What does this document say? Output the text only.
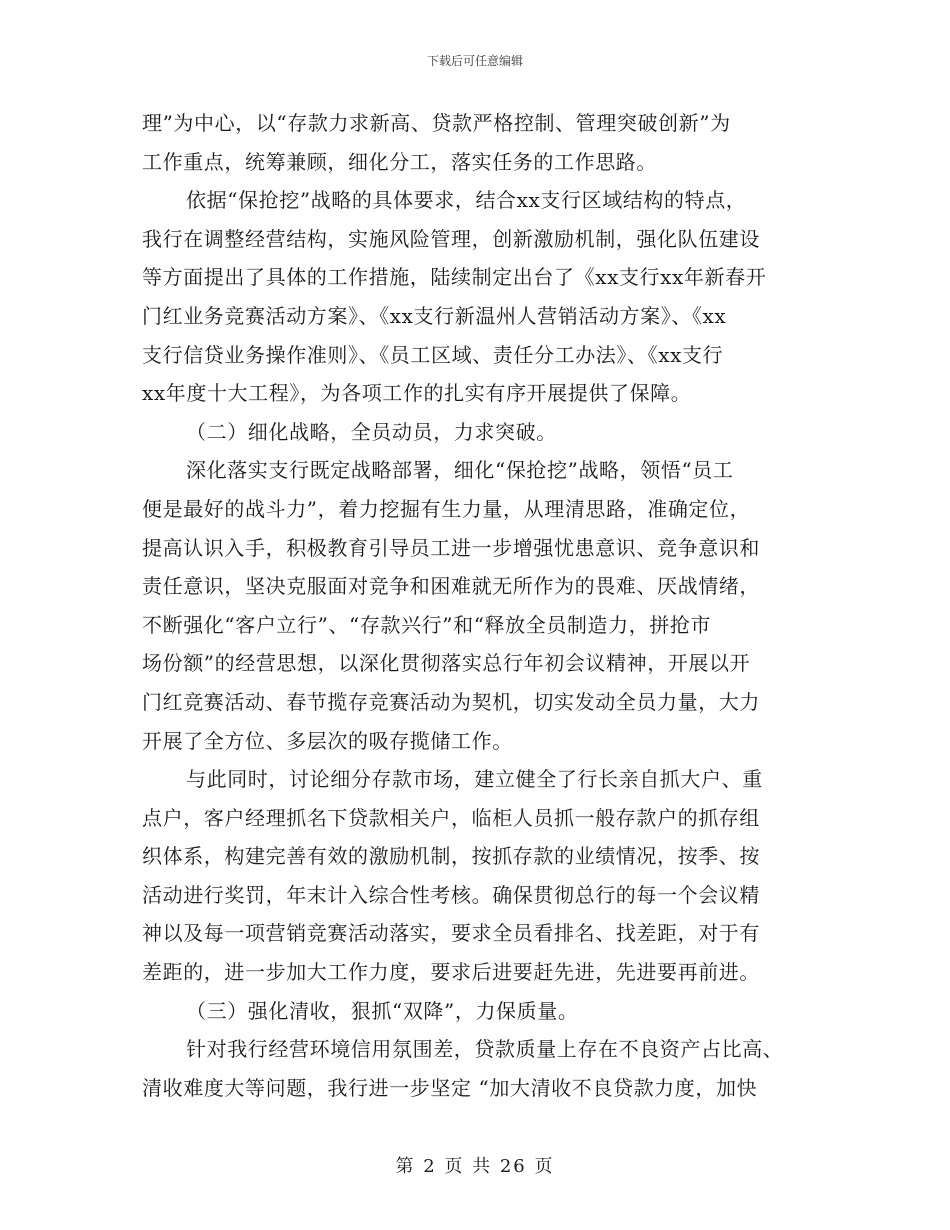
下载后可任意编辑
理”为中心，以“存款力求新高、贷款严格控制、管理突破创新”为
工作重点，统筹兼顾，细化分工，落实任务的工作思路。
依据“保抢挖”战略的具体要求，结合xx支行区域结构的特点，
我行在调整经营结构，实施风险管理，创新激励机制，强化队伍建设
等方面提出了具体的工作措施，陆续制定出台了《xx支行xx年新春开
门红业务竞赛活动方案》、《xx支行新温州人营销活动方案》、《xx
支行信贷业务操作准则》、《员工区域、责任分工办法》、《xx支行
xx年度十大工程》，为各项工作的扎实有序开展提供了保障。
（二）细化战略，全员动员，力求突破。
深化落实支行既定战略部署，细化“保抢挖”战略，领悟“员工
便是最好的战斗力”，着力挖掘有生力量，从理清思路，准确定位，
提高认识入手，积极教育引导员工进一步增强忧患意识、竞争意识和
责任意识，坚决克服面对竞争和困难就无所作为的畏难、厌战情绪，
不断强化“客户立行”、“存款兴行”和“释放全员制造力，拼抢市
场份额”的经营思想，以深化贯彻落实总行年初会议精神，开展以开
门红竞赛活动、春节揽存竞赛活动为契机，切实发动全员力量，大力
开展了全方位、多层次的吸存揽储工作。
与此同时，讨论细分存款市场，建立健全了行长亲自抓大户、重
点户，客户经理抓名下贷款相关户，临柜人员抓一般存款户的抓存组
织体系，构建完善有效的激励机制，按抓存款的业绩情况，按季、按
活动进行奖罚，年末计入综合性考核。确保贯彻总行的每一个会议精
神以及每一项营销竞赛活动落实，要求全员看排名、找差距，对于有
差距的，进一步加大工作力度，要求后进要赶先进，先进要再前进。
（三）强化清收，狠抓“双降”，力保质量。
针对我行经营环境信用氛围差，贷款质量上存在不良资产占比高、
清收难度大等问题，我行进一步坚定 “加大清收不良贷款力度，加快
第 2 页 共 26 页
